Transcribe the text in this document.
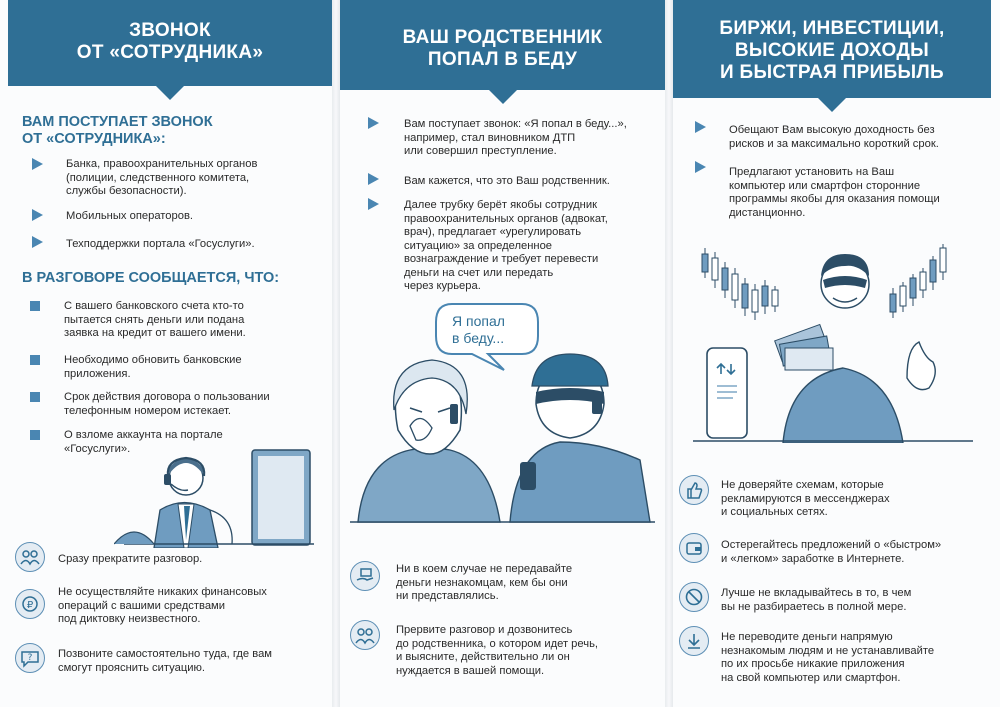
ЗВОНОК
ОТ «СОТРУДНИКА»
ВАМ ПОСТУПАЕТ ЗВОНОК
ОТ «СОТРУДНИКА»:
Банка, правоохранительных органов
(полиции, следственного комитета,
службы безопасности).
Мобильных операторов.
Техподдержки портала «Госуслуги».
В РАЗГОВОРЕ СООБЩАЕТСЯ, ЧТО:
С вашего банковского счета кто-то
пытается снять деньги или подана
заявка на кредит от вашего имени.
Необходимо обновить банковские
приложения.
Срок действия договора о пользовании
телефонным номером истекает.
О взломе аккаунта на портале
«Госуслуги».
Сразу прекратите разговор.
₽
Не осуществляйте никаких финансовых
операций с вашими средствами
под диктовку неизвестного.
? Позвоните самостоятельно туда, где вам
смогут прояснить ситуацию.
ВАШ РОДСТВЕННИК
ПОПАЛ В БЕДУ
Вам поступает звонок: «Я попал в беду...»,
например, стал виновником ДТП
или совершил преступление.
Вам кажется, что это Ваш родственник.
Далее трубку берёт якобы сотрудник
правоохранительных органов (адвокат,
врач), предлагает «урегулировать
ситуацию» за определенное
вознаграждение и требует перевести
деньги на счет или передать
через курьера.
Я попал
в беду...
Ни в коем случае не передавайте
деньги незнакомцам, кем бы они
ни представлялись.
Прервите разговор и дозвонитесь
до родственника, о котором идет речь,
и выясните, действительно ли он
нуждается в вашей помощи.
БИРЖИ, ИНВЕСТИЦИИ,
ВЫСОКИЕ ДОХОДЫ
И БЫСТРАЯ ПРИБЫЛЬ
Обещают Вам высокую доходность без
рисков и за максимально короткий срок.
Предлагают установить на Ваш
компьютер или смартфон сторонние
программы якобы для оказания помощи
дистанционно.
Не доверяйте схемам, которые
рекламируются в мессенджерах
и социальных сетях.
Остерегайтесь предложений о «быстром»
и «легком» заработке в Интернете.
Лучше не вкладывайтесь в то, в чем
вы не разбираетесь в полной мере.
Не переводите деньги напрямую
незнакомым людям и не устанавливайте
по их просьбе никакие приложения
на свой компьютер или смартфон.
